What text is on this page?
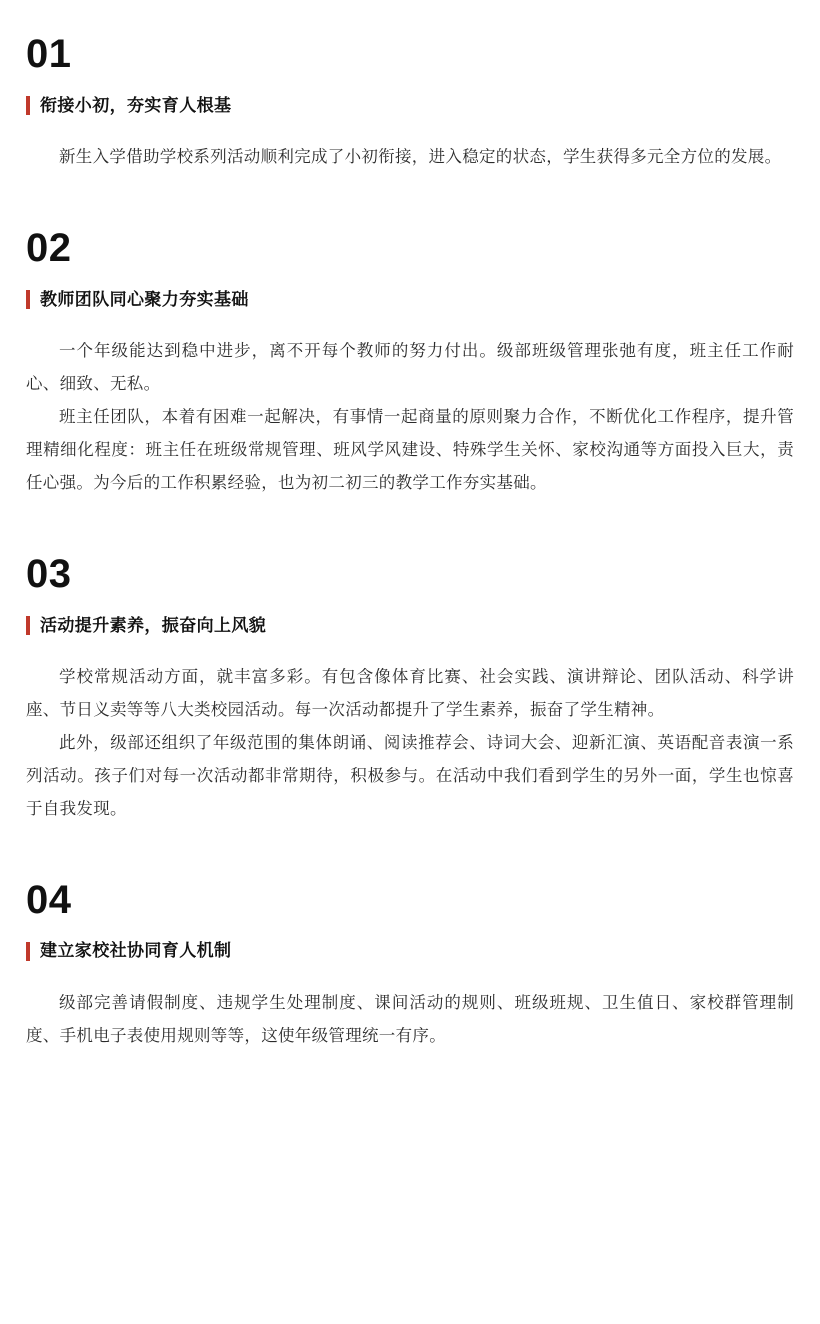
01
衔接小初，夯实育人根基

新生入学借助学校系列活动顺利完成了小初衔接，进入稳定的状态，学生获得多元全方位的发展。

02
教师团队同心聚力夯实基础

一个年级能达到稳中进步，离不开每个教师的努力付出。级部班级管理张弛有度，班主任工作耐心、细致、无私。

班主任团队，本着有困难一起解决，有事情一起商量的原则聚力合作，不断优化工作程序，提升管理精细化程度：班主任在班级常规管理、班风学风建设、特殊学生关怀、家校沟通等方面投入巨大，责任心强。为今后的工作积累经验，也为初二初三的教学工作夯实基础。

03
活动提升素养，振奋向上风貌

学校常规活动方面，就丰富多彩。有包含像体育比赛、社会实践、演讲辩论、团队活动、科学讲座、节日义卖等等八大类校园活动。每一次活动都提升了学生素养，振奋了学生精神。

此外，级部还组织了年级范围的集体朗诵、阅读推荐会、诗词大会、迎新汇演、英语配音表演一系列活动。孩子们对每一次活动都非常期待，积极参与。在活动中我们看到学生的另外一面，学生也惊喜于自我发现。

04
建立家校社协同育人机制

级部完善请假制度、违规学生处理制度、课间活动的规则、班级班规、卫生值日、家校群管理制度、手机电子表使用规则等等，这使年级管理统一有序。
